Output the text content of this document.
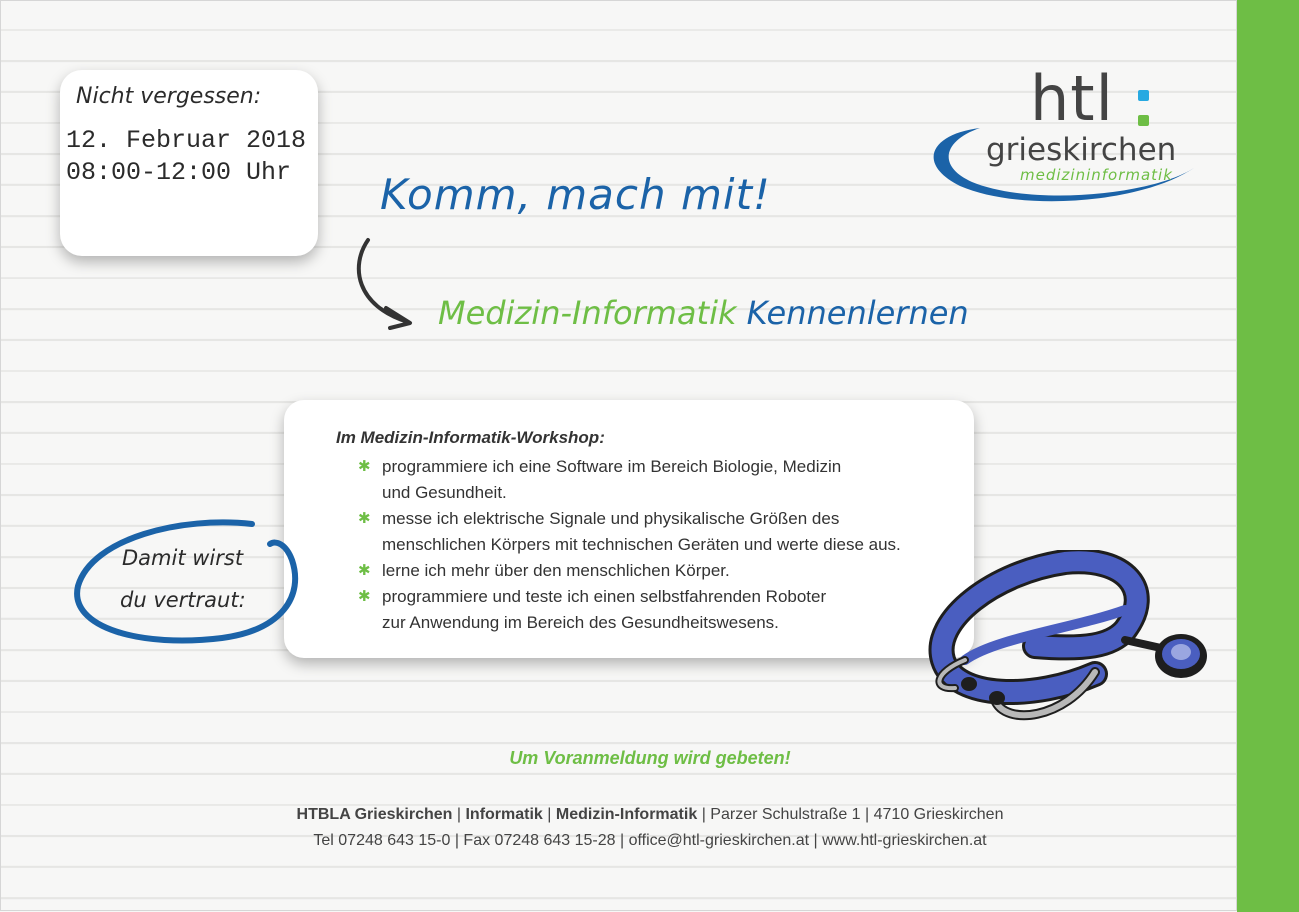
Nicht vergessen:
12. Februar 2018
08:00-12:00 Uhr Komm, mach mit!
Medizin-Informatik Kennenlernen
htl
grieskirchen
medizininformatik
Im Medizin-Informatik-Workshop:
✱ programmiere ich eine Software im Bereich Biologie, Medizin
und Gesundheit.
✱ messe ich elektrische Signale und physikalische Größen des
menschlichen Körpers mit technischen Geräten und werte diese aus.
✱ lerne ich mehr über den menschlichen Körper.
✱ programmiere und teste ich einen selbstfahrenden Roboter
zur Anwendung im Bereich des Gesundheitswesens.
Damit wirst
du vertraut:
Um Voranmeldung wird gebeten!
HTBLA Grieskirchen | Informatik | Medizin-Informatik | Parzer Schulstraße 1 | 4710 Grieskirchen
Tel 07248 643 15-0 | Fax 07248 643 15-28 | office@htl-grieskirchen.at | www.htl-grieskirchen.at
